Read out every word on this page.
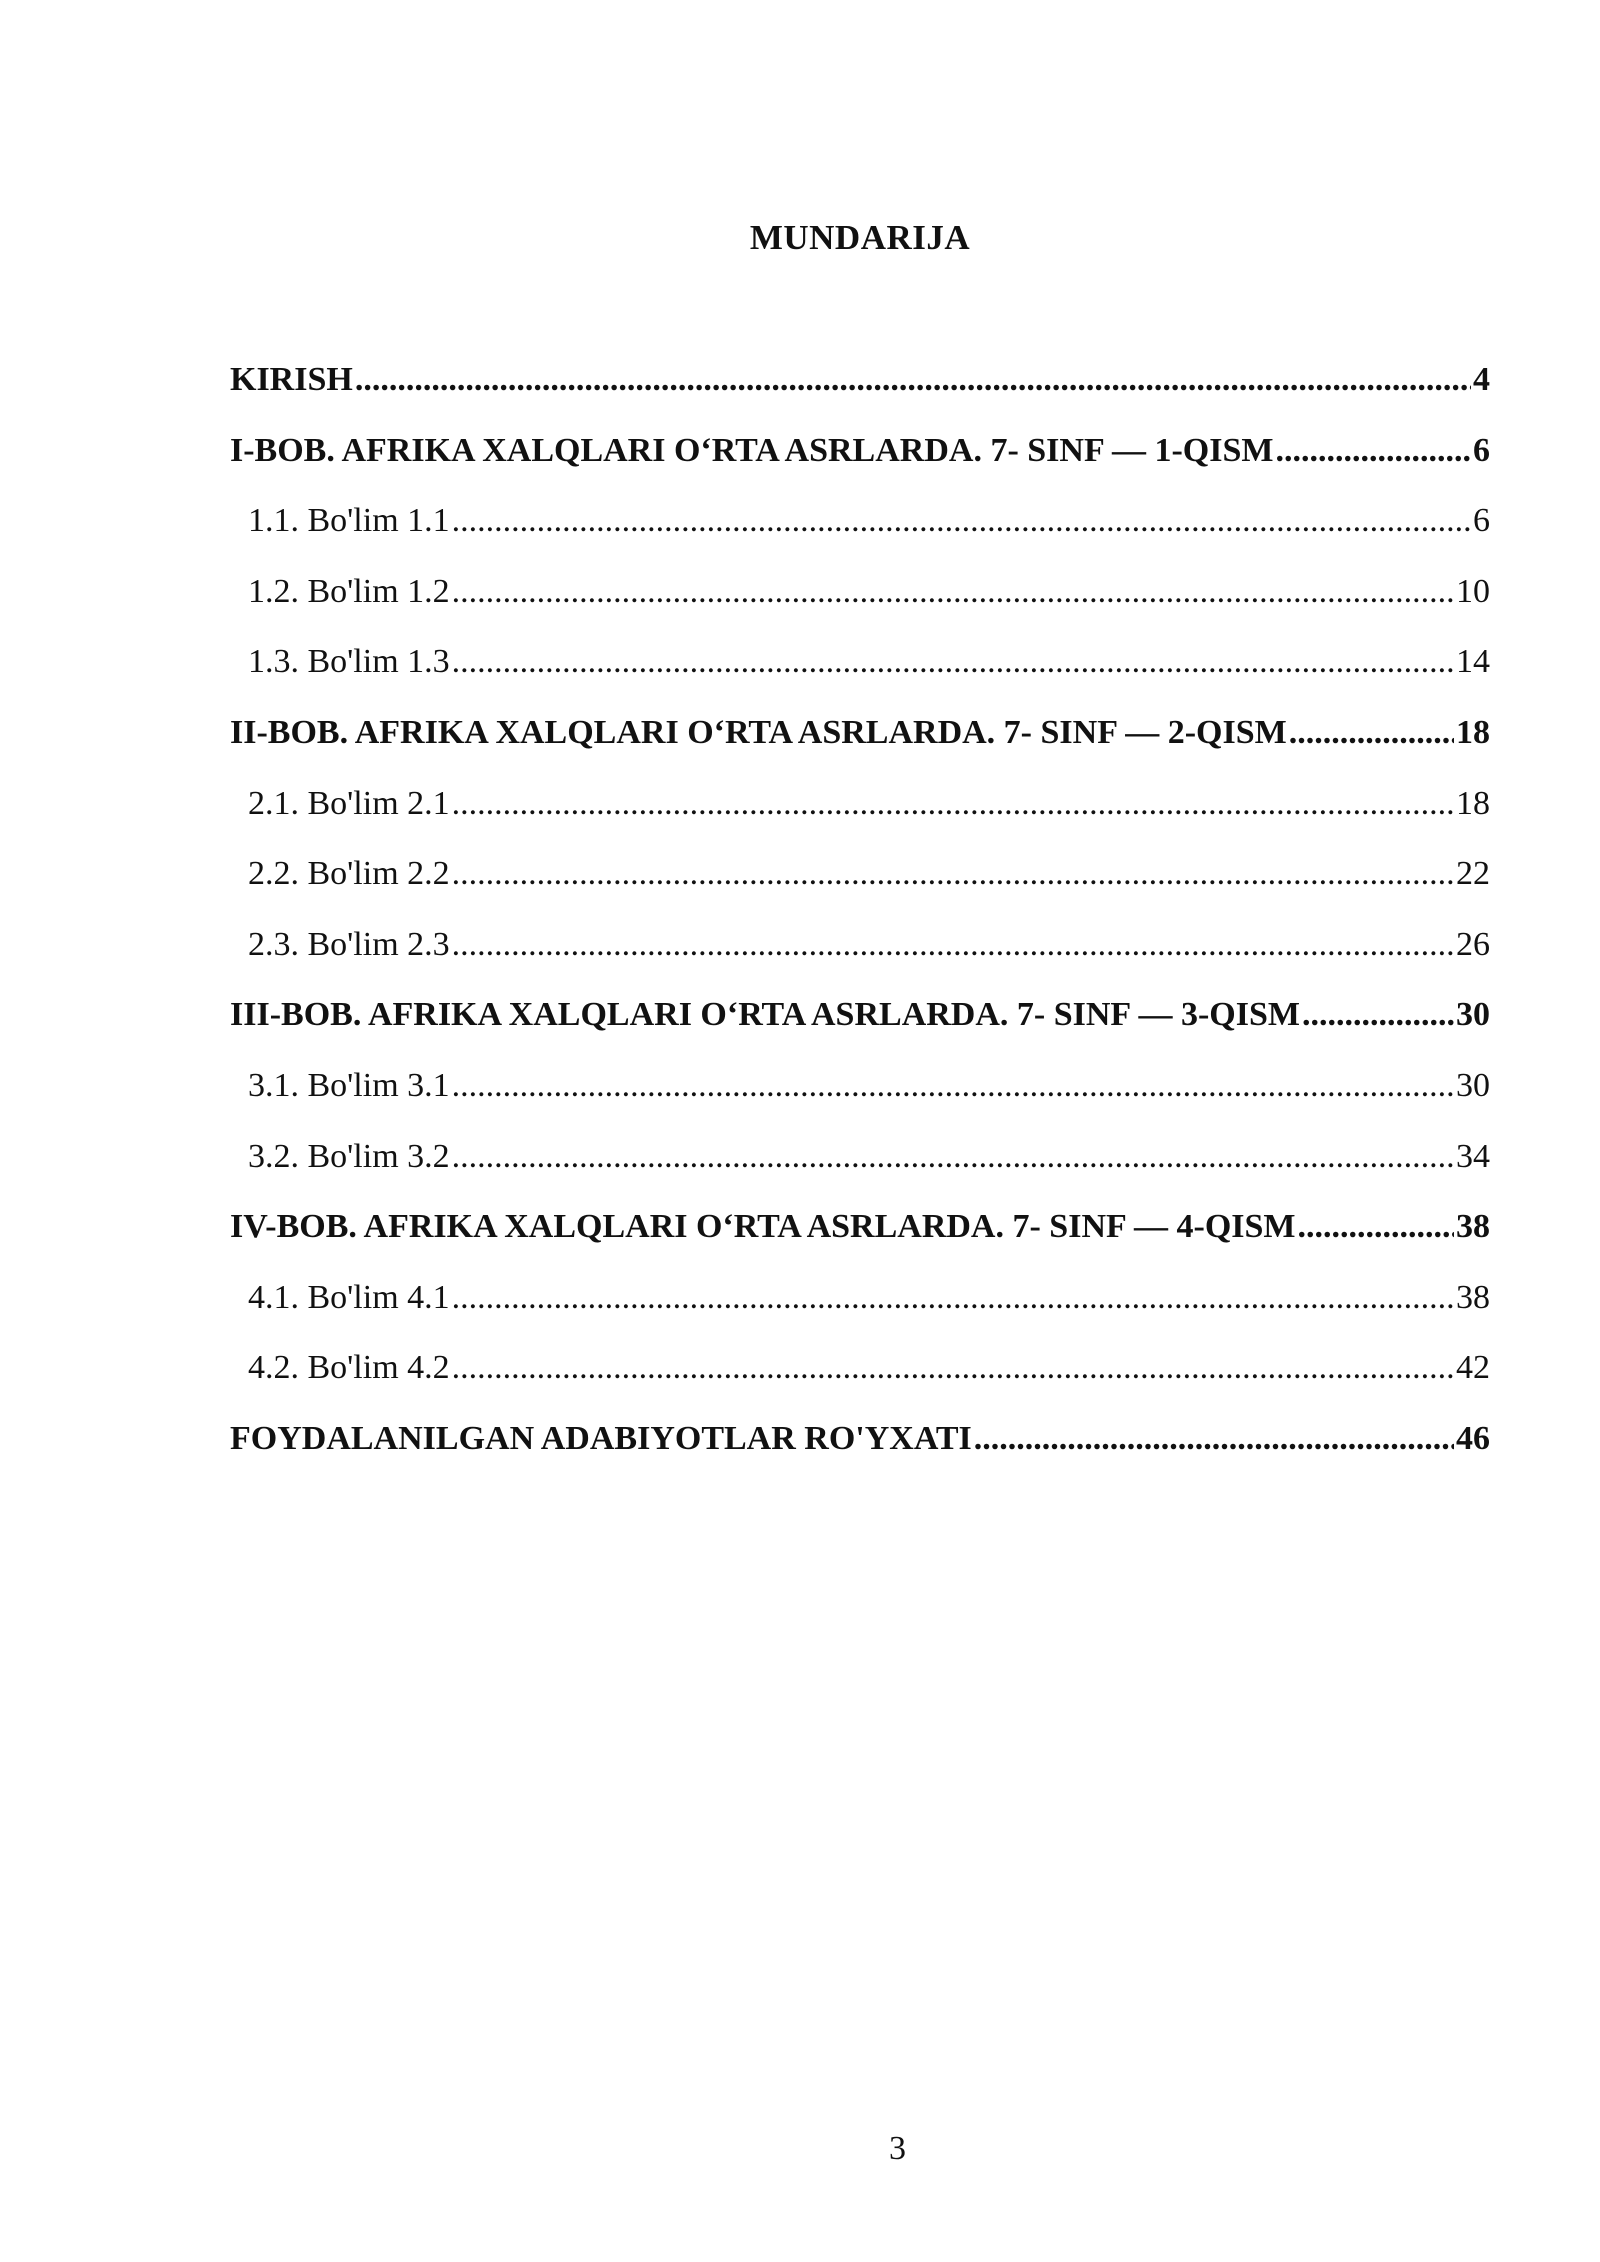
MUNDARIJA
KIRISH .....	4
I-BOB. AFRIKA XALQLARI O‘RTA ASRLARDA. 7- SINF — 1-QISM .....	6
1.1. Bo'lim 1.1 .....	6
1.2. Bo'lim 1.2 .....	10
1.3. Bo'lim 1.3 .....	14
II-BOB. AFRIKA XALQLARI O‘RTA ASRLARDA. 7- SINF — 2-QISM .....	18
2.1. Bo'lim 2.1 .....	18
2.2. Bo'lim 2.2 .....	22
2.3. Bo'lim 2.3 .....	26
III-BOB. AFRIKA XALQLARI O‘RTA ASRLARDA. 7- SINF — 3-QISM .....	30
3.1. Bo'lim 3.1 .....	30
3.2. Bo'lim 3.2 .....	34
IV-BOB. AFRIKA XALQLARI O‘RTA ASRLARDA. 7- SINF — 4-QISM .....	38
4.1. Bo'lim 4.1 .....	38
4.2. Bo'lim 4.2 .....	42
FOYDALANILGAN ADABIYOTLAR RO'YXATI .....	46

3
